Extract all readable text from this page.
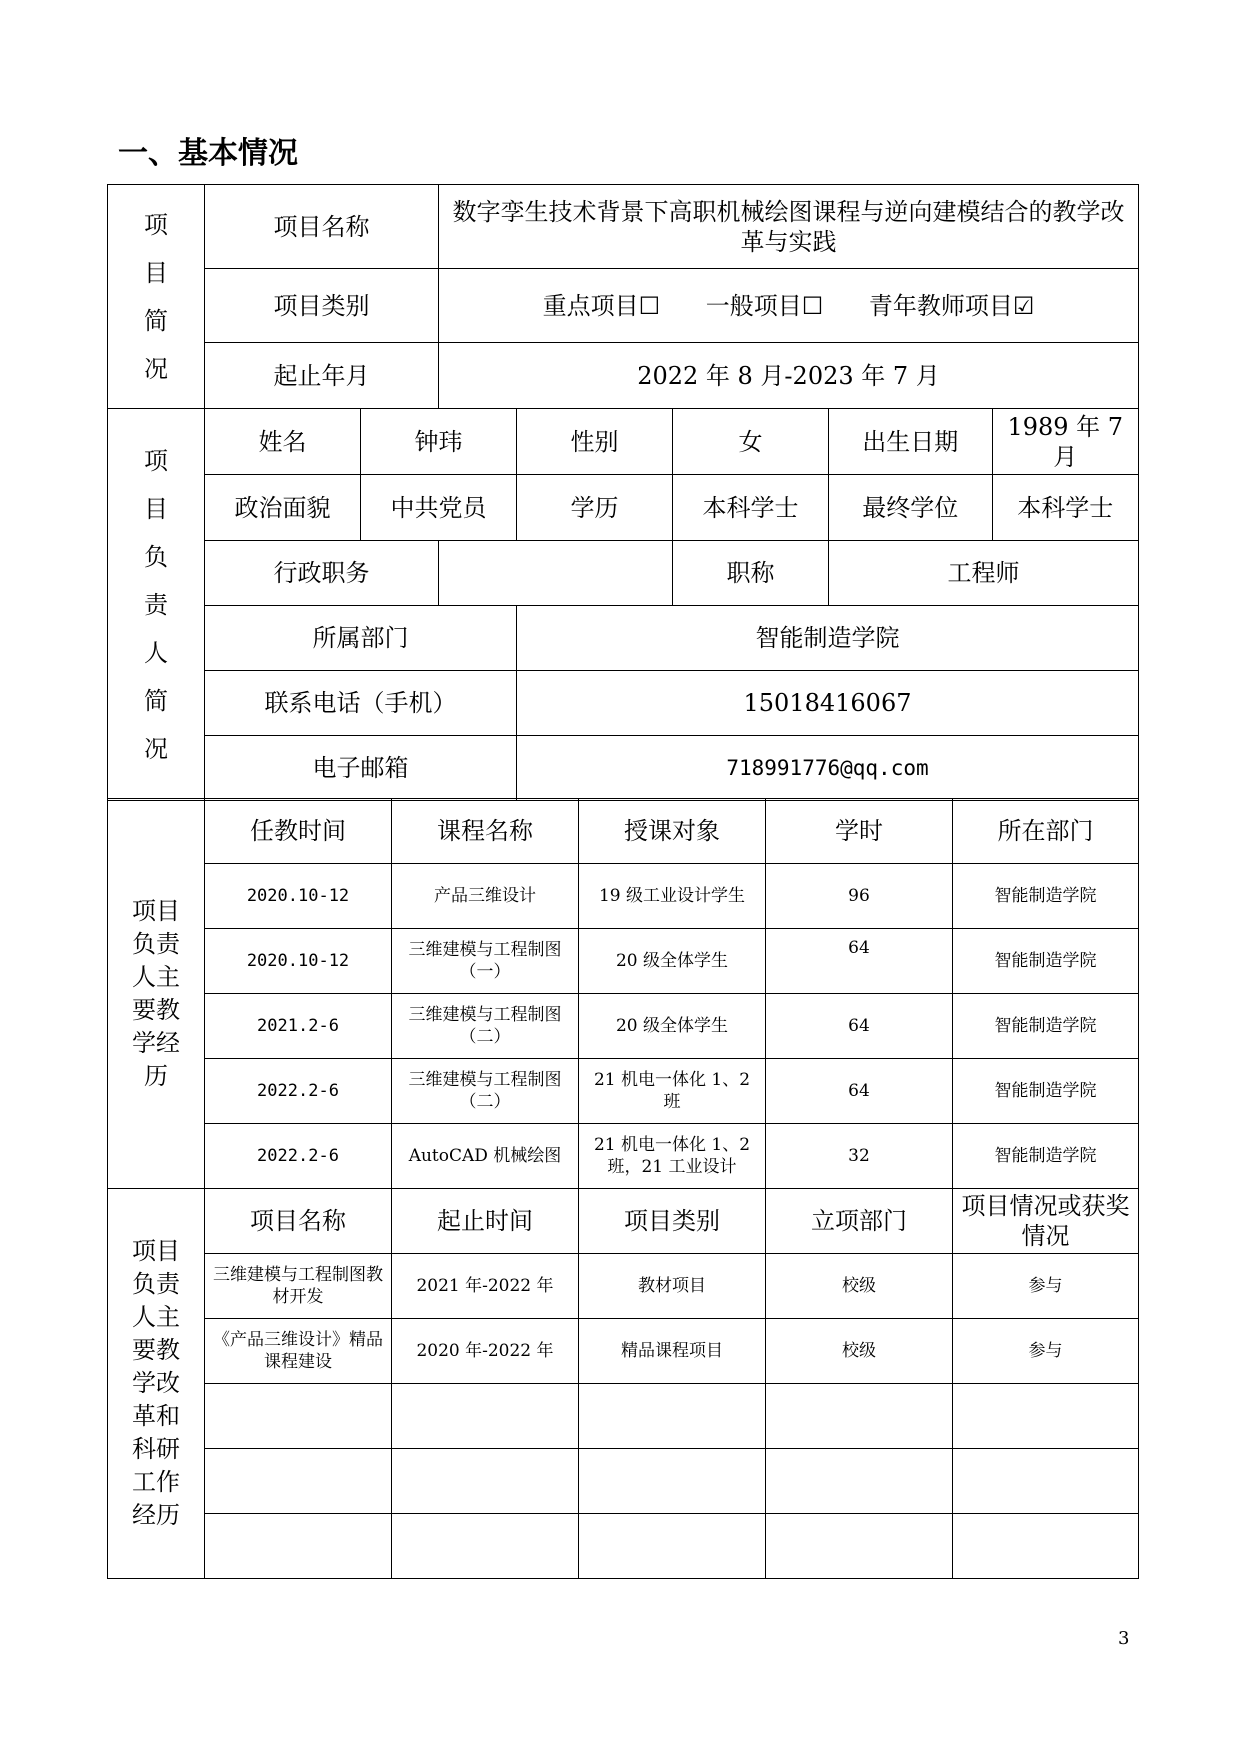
一、基本情况
项目简况	项目名称	数字孪生技术背景下高职机械绘图课程与逆向建模结合的教学改革与实践
	项目类别	重点项目☐ 一般项目☐ 青年教师项目☑
	起止年月	2022 年 8 月-2023 年 7 月
项目负责人简况
	姓名	钟玮	性别	女		出生日期	1989 年 7 月

政治面貌	中共党员	学历	本科学士		最终学位	本科学士

行政职务		职称	工程师
所属部门	智能制造学院
联系电话（手机）	15018416067
电子邮箱	718991776@qq.com
项目负责人主要教学经历	任教时间	课程名称	授课对象	学时	所在部门
	2020.10-12	产品三维设计	19 级工业设计学生	96	智能制造学院
	2020.10-12	三维建模与工程制图（一）	20 级全体学生	64	智能制造学院
	2021.2-6	三维建模与工程制图（二）	20 级全体学生	64	智能制造学院
	2022.2-6	三维建模与工程制图（二）	21 机电一体化 1、2 班	64	智能制造学院
	2022.2-6	AutoCAD 机械绘图	21 机电一体化 1、2 班，21 工业设计	32	智能制造学院
项目负责人主要教学改革和科研工作经历	项目名称	起止时间	项目类别	立项部门	项目情况或获奖情况
	三维建模与工程制图教材开发	2021 年-2022 年	教材项目	校级	参与
	《产品三维设计》精品课程建设	2020 年-2022 年	精品课程项目	校级	参与

3
